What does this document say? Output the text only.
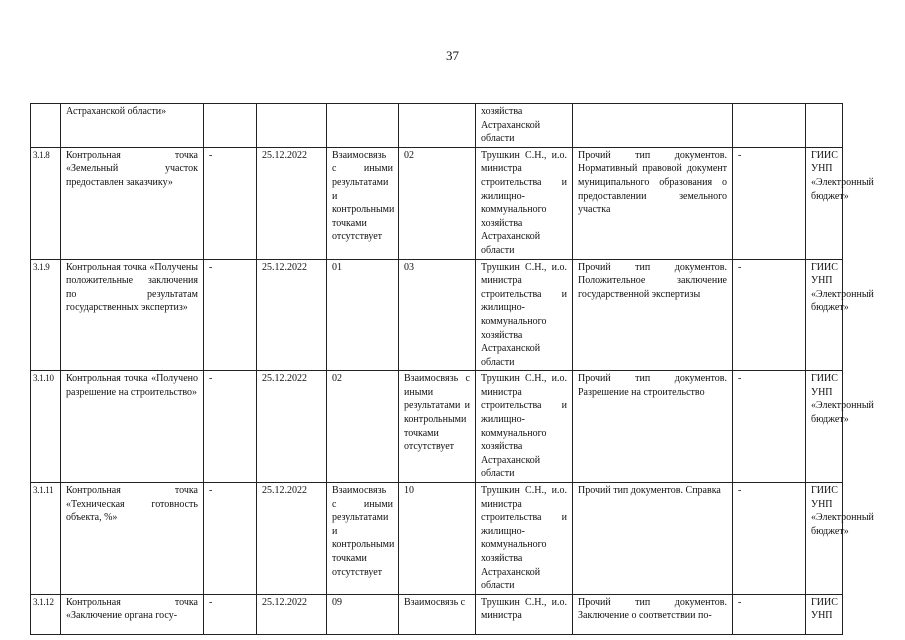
37
	Астраханской области»					хозяйства Астраханской области			
3.1.8	Контрольная точка «Земельный участок предоставлен заказчику»	-	25.12.2022	Взаимосвязь с иными результатами и контрольными точками отсутствует	02	Трушкин С.Н., и.о. министра строительства и жилищно-коммунального хозяйства Астраханской области	Прочий тип документов. Нормативный правовой документ муниципального образования о предоставлении земельного участка	-	ГИИС УНП «Электронный бюджет»
3.1.9	Контрольная точка «Получены положительные заключения по результатам государственных экспертиз»	-	25.12.2022	01	03	Трушкин С.Н., и.о. министра строительства и жилищно-коммунального хозяйства Астраханской области	Прочий тип документов. Положительное заключение государственной экспертизы	-	ГИИС УНП «Электронный бюджет»
3.1.10	Контрольная точка «Получено разрешение на строительство»	-	25.12.2022	02	Взаимосвязь с иными результатами и контрольными точками отсутствует	Трушкин С.Н., и.о. министра строительства и жилищно-коммунального хозяйства Астраханской области	Прочий тип документов. Разрешение на строительство	-	ГИИС УНП «Электронный бюджет»
3.1.11	Контрольная точка «Техническая готовность объекта, %»	-	25.12.2022	Взаимосвязь с иными результатами и контрольными точками отсутствует	10	Трушкин С.Н., и.о. министра строительства и жилищно-коммунального хозяйства Астраханской области	Прочий тип документов. Справка	-	ГИИС УНП «Электронный бюджет»
3.1.12	Контрольная точка «Заключение органа госу-	-	25.12.2022	09	Взаимосвязь с	Трушкин С.Н., и.о. министра	Прочий тип документов. Заключение о соответствии по-	-	ГИИС УНП
